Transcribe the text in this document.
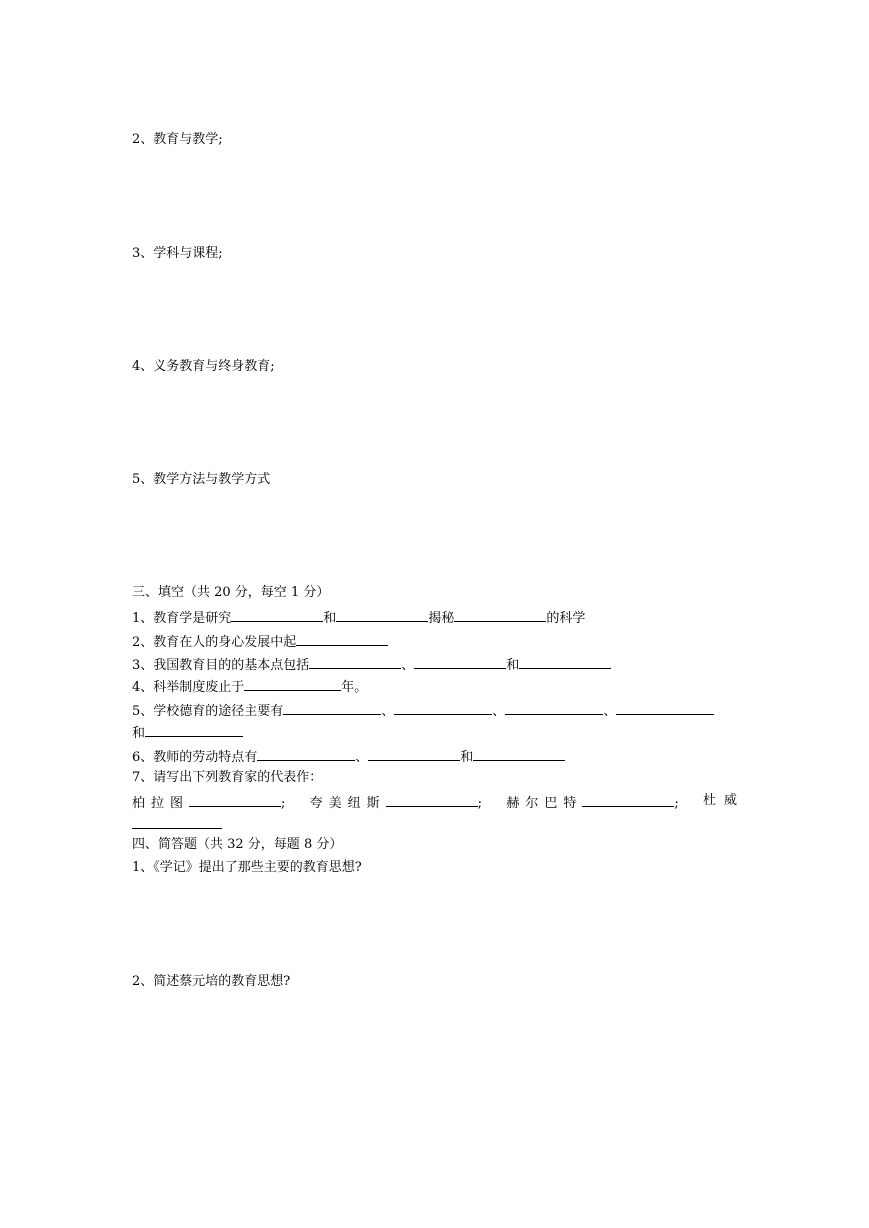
2、教育与教学;
3、学科与课程;
4、义务教育与终身教育;
5、教学方法与教学方式
三、填空（共 20 分，每空 1 分）
1、教育学是研究	和	揭秘	的科学
2、教育在人的身心发展中起
3、我国教育目的的基本点包括	、	和
4、科举制度废止于	年。
5、学校德育的途径主要有	、	、	、
和
6、教师的劳动特点有	、	和
7、请写出下列教育家的代表作：
柏拉图	; 夸美纽斯	; 赫尔巴特	; 杜威
四、简答题（共 32 分，每题 8 分）
1、《学记》提出了那些主要的教育思想?
2、简述蔡元培的教育思想?
